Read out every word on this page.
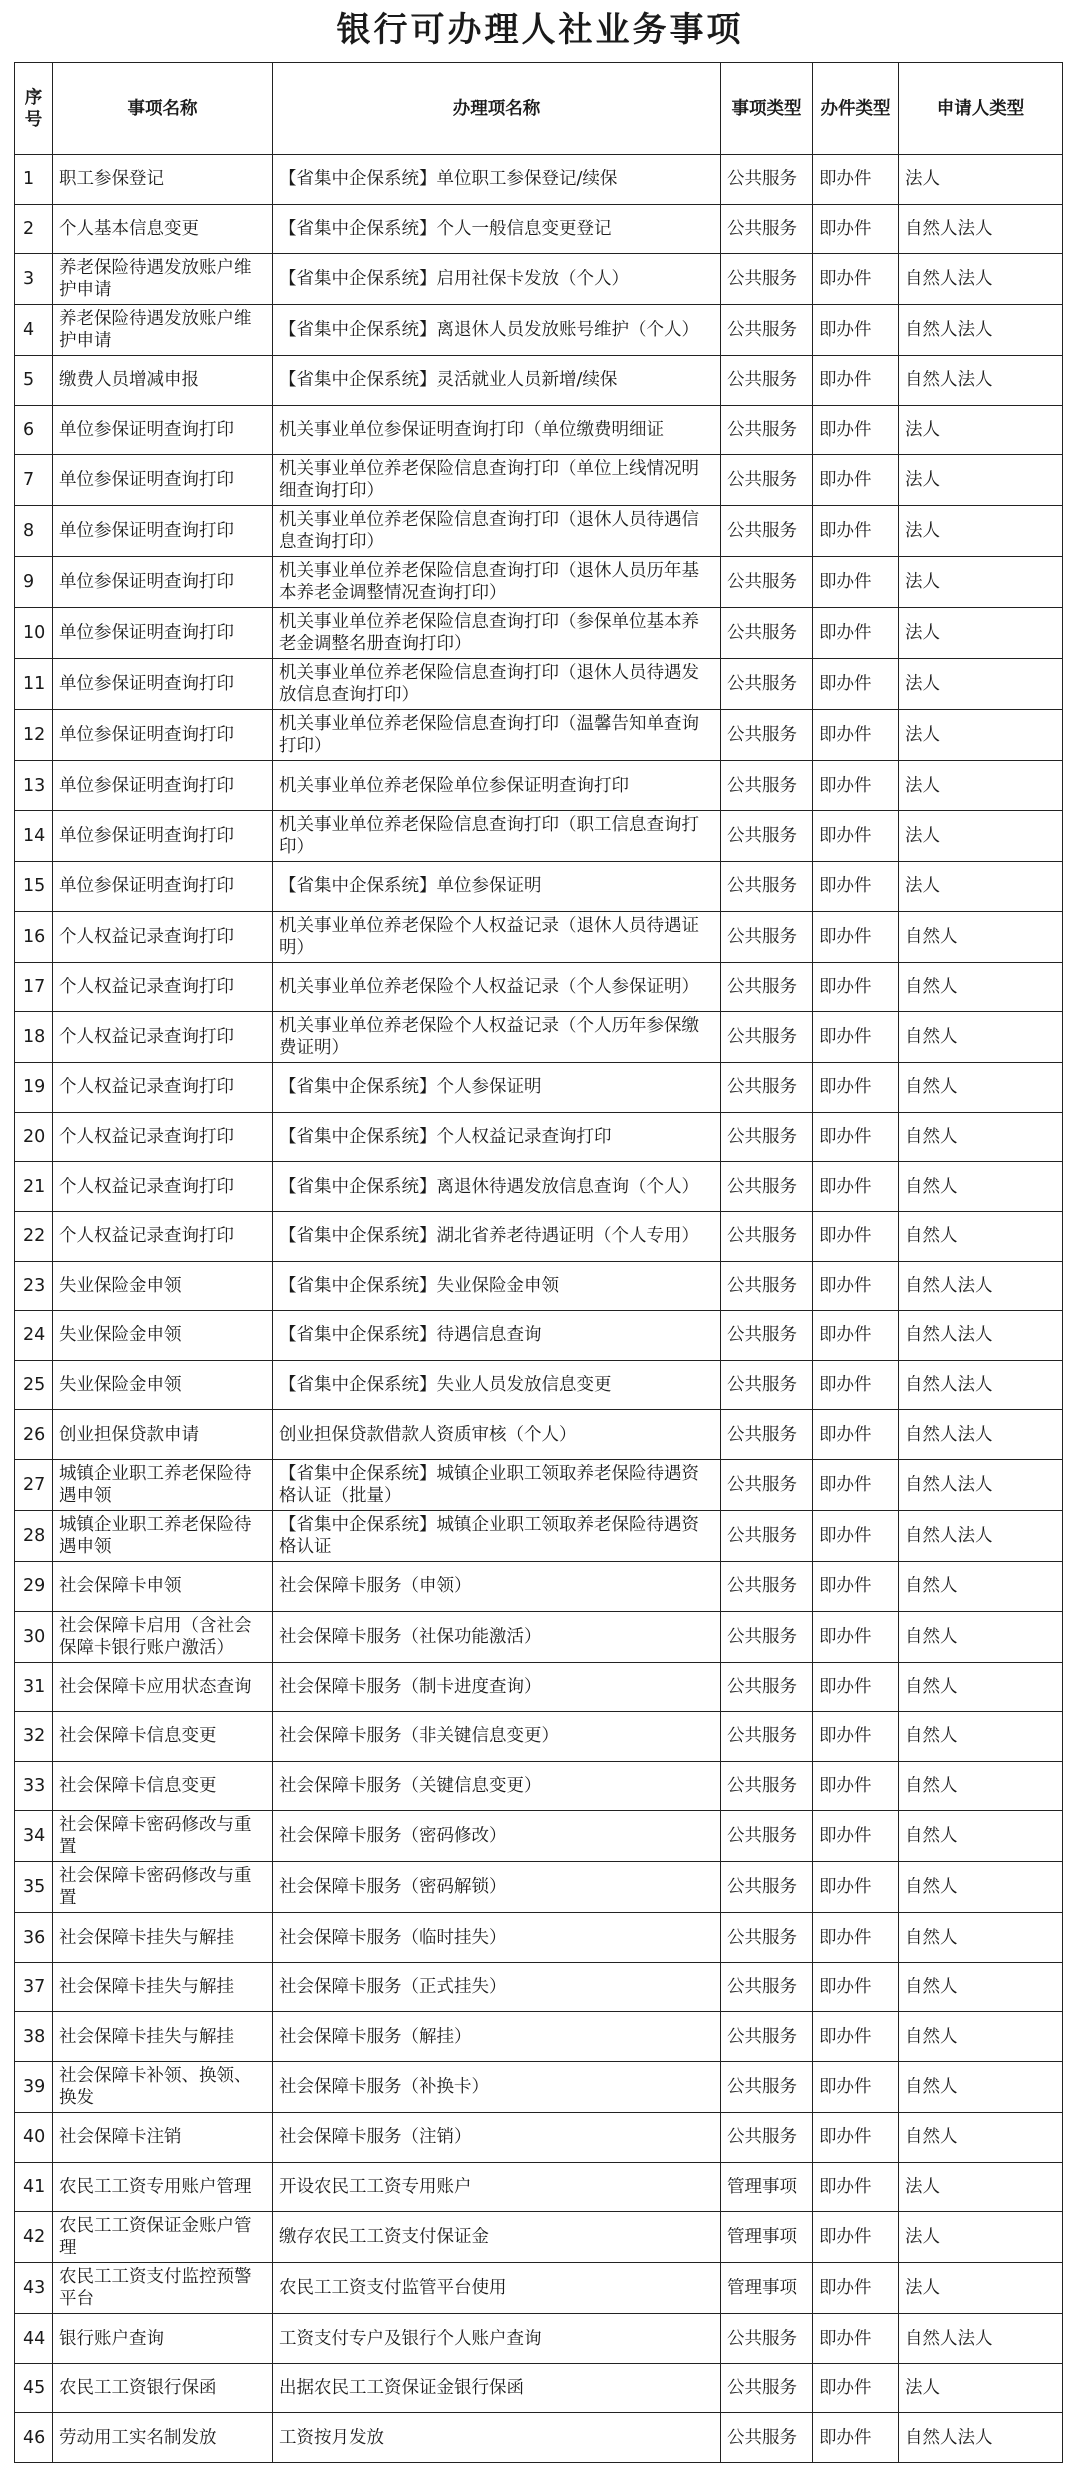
银行可办理人社业务事项
序号	事项名称	办理项名称	事项类型	办件类型	申请人类型
1	职工参保登记	【省集中企保系统】单位职工参保登记/续保	公共服务	即办件	法人
2	个人基本信息变更	【省集中企保系统】个人一般信息变更登记	公共服务	即办件	自然人法人
3	养老保险待遇发放账户维护申请	【省集中企保系统】启用社保卡发放（个人）	公共服务	即办件	自然人法人
4	养老保险待遇发放账户维护申请	【省集中企保系统】离退休人员发放账号维护（个人）	公共服务	即办件	自然人法人
5	缴费人员增减申报	【省集中企保系统】灵活就业人员新增/续保	公共服务	即办件	自然人法人
6	单位参保证明查询打印	机关事业单位参保证明查询打印（单位缴费明细证	公共服务	即办件	法人
7	单位参保证明查询打印	机关事业单位养老保险信息查询打印（单位上线情况明细查询打印）	公共服务	即办件	法人
8	单位参保证明查询打印	机关事业单位养老保险信息查询打印（退休人员待遇信息查询打印）	公共服务	即办件	法人
9	单位参保证明查询打印	机关事业单位养老保险信息查询打印（退休人员历年基本养老金调整情况查询打印）	公共服务	即办件	法人
10	单位参保证明查询打印	机关事业单位养老保险信息查询打印（参保单位基本养老金调整名册查询打印）	公共服务	即办件	法人
11	单位参保证明查询打印	机关事业单位养老保险信息查询打印（退休人员待遇发放信息查询打印）	公共服务	即办件	法人
12	单位参保证明查询打印	机关事业单位养老保险信息查询打印（温馨告知单查询打印）	公共服务	即办件	法人
13	单位参保证明查询打印	机关事业单位养老保险单位参保证明查询打印	公共服务	即办件	法人
14	单位参保证明查询打印	机关事业单位养老保险信息查询打印（职工信息查询打印）	公共服务	即办件	法人
15	单位参保证明查询打印	【省集中企保系统】单位参保证明	公共服务	即办件	法人
16	个人权益记录查询打印	机关事业单位养老保险个人权益记录（退休人员待遇证明）	公共服务	即办件	自然人
17	个人权益记录查询打印	机关事业单位养老保险个人权益记录（个人参保证明）	公共服务	即办件	自然人
18	个人权益记录查询打印	机关事业单位养老保险个人权益记录（个人历年参保缴费证明）	公共服务	即办件	自然人
19	个人权益记录查询打印	【省集中企保系统】个人参保证明	公共服务	即办件	自然人
20	个人权益记录查询打印	【省集中企保系统】个人权益记录查询打印	公共服务	即办件	自然人
21	个人权益记录查询打印	【省集中企保系统】离退休待遇发放信息查询（个人）	公共服务	即办件	自然人
22	个人权益记录查询打印	【省集中企保系统】湖北省养老待遇证明（个人专用）	公共服务	即办件	自然人
23	失业保险金申领	【省集中企保系统】失业保险金申领	公共服务	即办件	自然人法人
24	失业保险金申领	【省集中企保系统】待遇信息查询	公共服务	即办件	自然人法人
25	失业保险金申领	【省集中企保系统】失业人员发放信息变更	公共服务	即办件	自然人法人
26	创业担保贷款申请	创业担保贷款借款人资质审核（个人）	公共服务	即办件	自然人法人
27	城镇企业职工养老保险待遇申领	【省集中企保系统】城镇企业职工领取养老保险待遇资格认证（批量）	公共服务	即办件	自然人法人
28	城镇企业职工养老保险待遇申领	【省集中企保系统】城镇企业职工领取养老保险待遇资格认证	公共服务	即办件	自然人法人
29	社会保障卡申领	社会保障卡服务（申领）	公共服务	即办件	自然人
30	社会保障卡启用（含社会保障卡银行账户激活）	社会保障卡服务（社保功能激活）	公共服务	即办件	自然人
31	社会保障卡应用状态查询	社会保障卡服务（制卡进度查询）	公共服务	即办件	自然人
32	社会保障卡信息变更	社会保障卡服务（非关键信息变更）	公共服务	即办件	自然人
33	社会保障卡信息变更	社会保障卡服务（关键信息变更）	公共服务	即办件	自然人
34	社会保障卡密码修改与重置	社会保障卡服务（密码修改）	公共服务	即办件	自然人
35	社会保障卡密码修改与重置	社会保障卡服务（密码解锁）	公共服务	即办件	自然人
36	社会保障卡挂失与解挂	社会保障卡服务（临时挂失）	公共服务	即办件	自然人
37	社会保障卡挂失与解挂	社会保障卡服务（正式挂失）	公共服务	即办件	自然人
38	社会保障卡挂失与解挂	社会保障卡服务（解挂）	公共服务	即办件	自然人
39	社会保障卡补领、换领、换发	社会保障卡服务（补换卡）	公共服务	即办件	自然人
40	社会保障卡注销	社会保障卡服务（注销）	公共服务	即办件	自然人
41	农民工工资专用账户管理	开设农民工工资专用账户	管理事项	即办件	法人
42	农民工工资保证金账户管理	缴存农民工工资支付保证金	管理事项	即办件	法人
43	农民工工资支付监控预警平台	农民工工资支付监管平台使用	管理事项	即办件	法人
44	银行账户查询	工资支付专户及银行个人账户查询	公共服务	即办件	自然人法人
45	农民工工资银行保函	出据农民工工资保证金银行保函	公共服务	即办件	法人
46	劳动用工实名制发放	工资按月发放	公共服务	即办件	自然人法人
